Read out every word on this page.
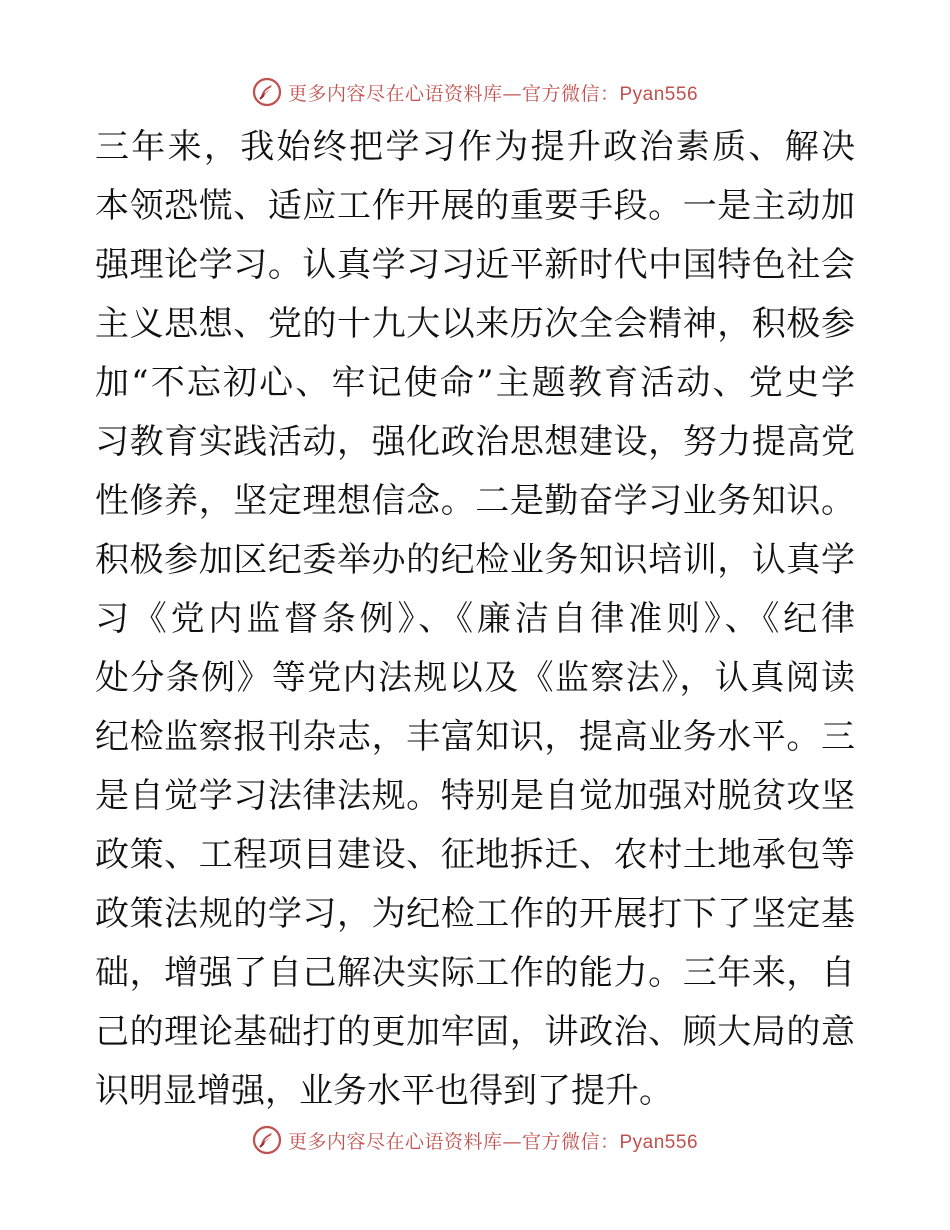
更多内容尽在心语资料库—官方微信：Pyan556
三年来，我始终把学习作为提升政治素质、解决
本领恐慌、适应工作开展的重要手段。一是主动加
强理论学习。认真学习习近平新时代中国特色社会
主义思想、党的十九大以来历次全会精神，积极参
加“不忘初心、牢记使命”主题教育活动、党史学
习教育实践活动，强化政治思想建设，努力提高党
性修养，坚定理想信念。二是勤奋学习业务知识。
积极参加区纪委举办的纪检业务知识培训，认真学
习《党内监督条例》、《廉洁自律准则》、《纪律
处分条例》等党内法规以及《监察法》，认真阅读
纪检监察报刊杂志，丰富知识，提高业务水平。三
是自觉学习法律法规。特别是自觉加强对脱贫攻坚
政策、工程项目建设、征地拆迁、农村土地承包等
政策法规的学习，为纪检工作的开展打下了坚定基
础，增强了自己解决实际工作的能力。三年来，自
己的理论基础打的更加牢固，讲政治、顾大局的意
识明显增强，业务水平也得到了提升。
更多内容尽在心语资料库—官方微信：Pyan556
